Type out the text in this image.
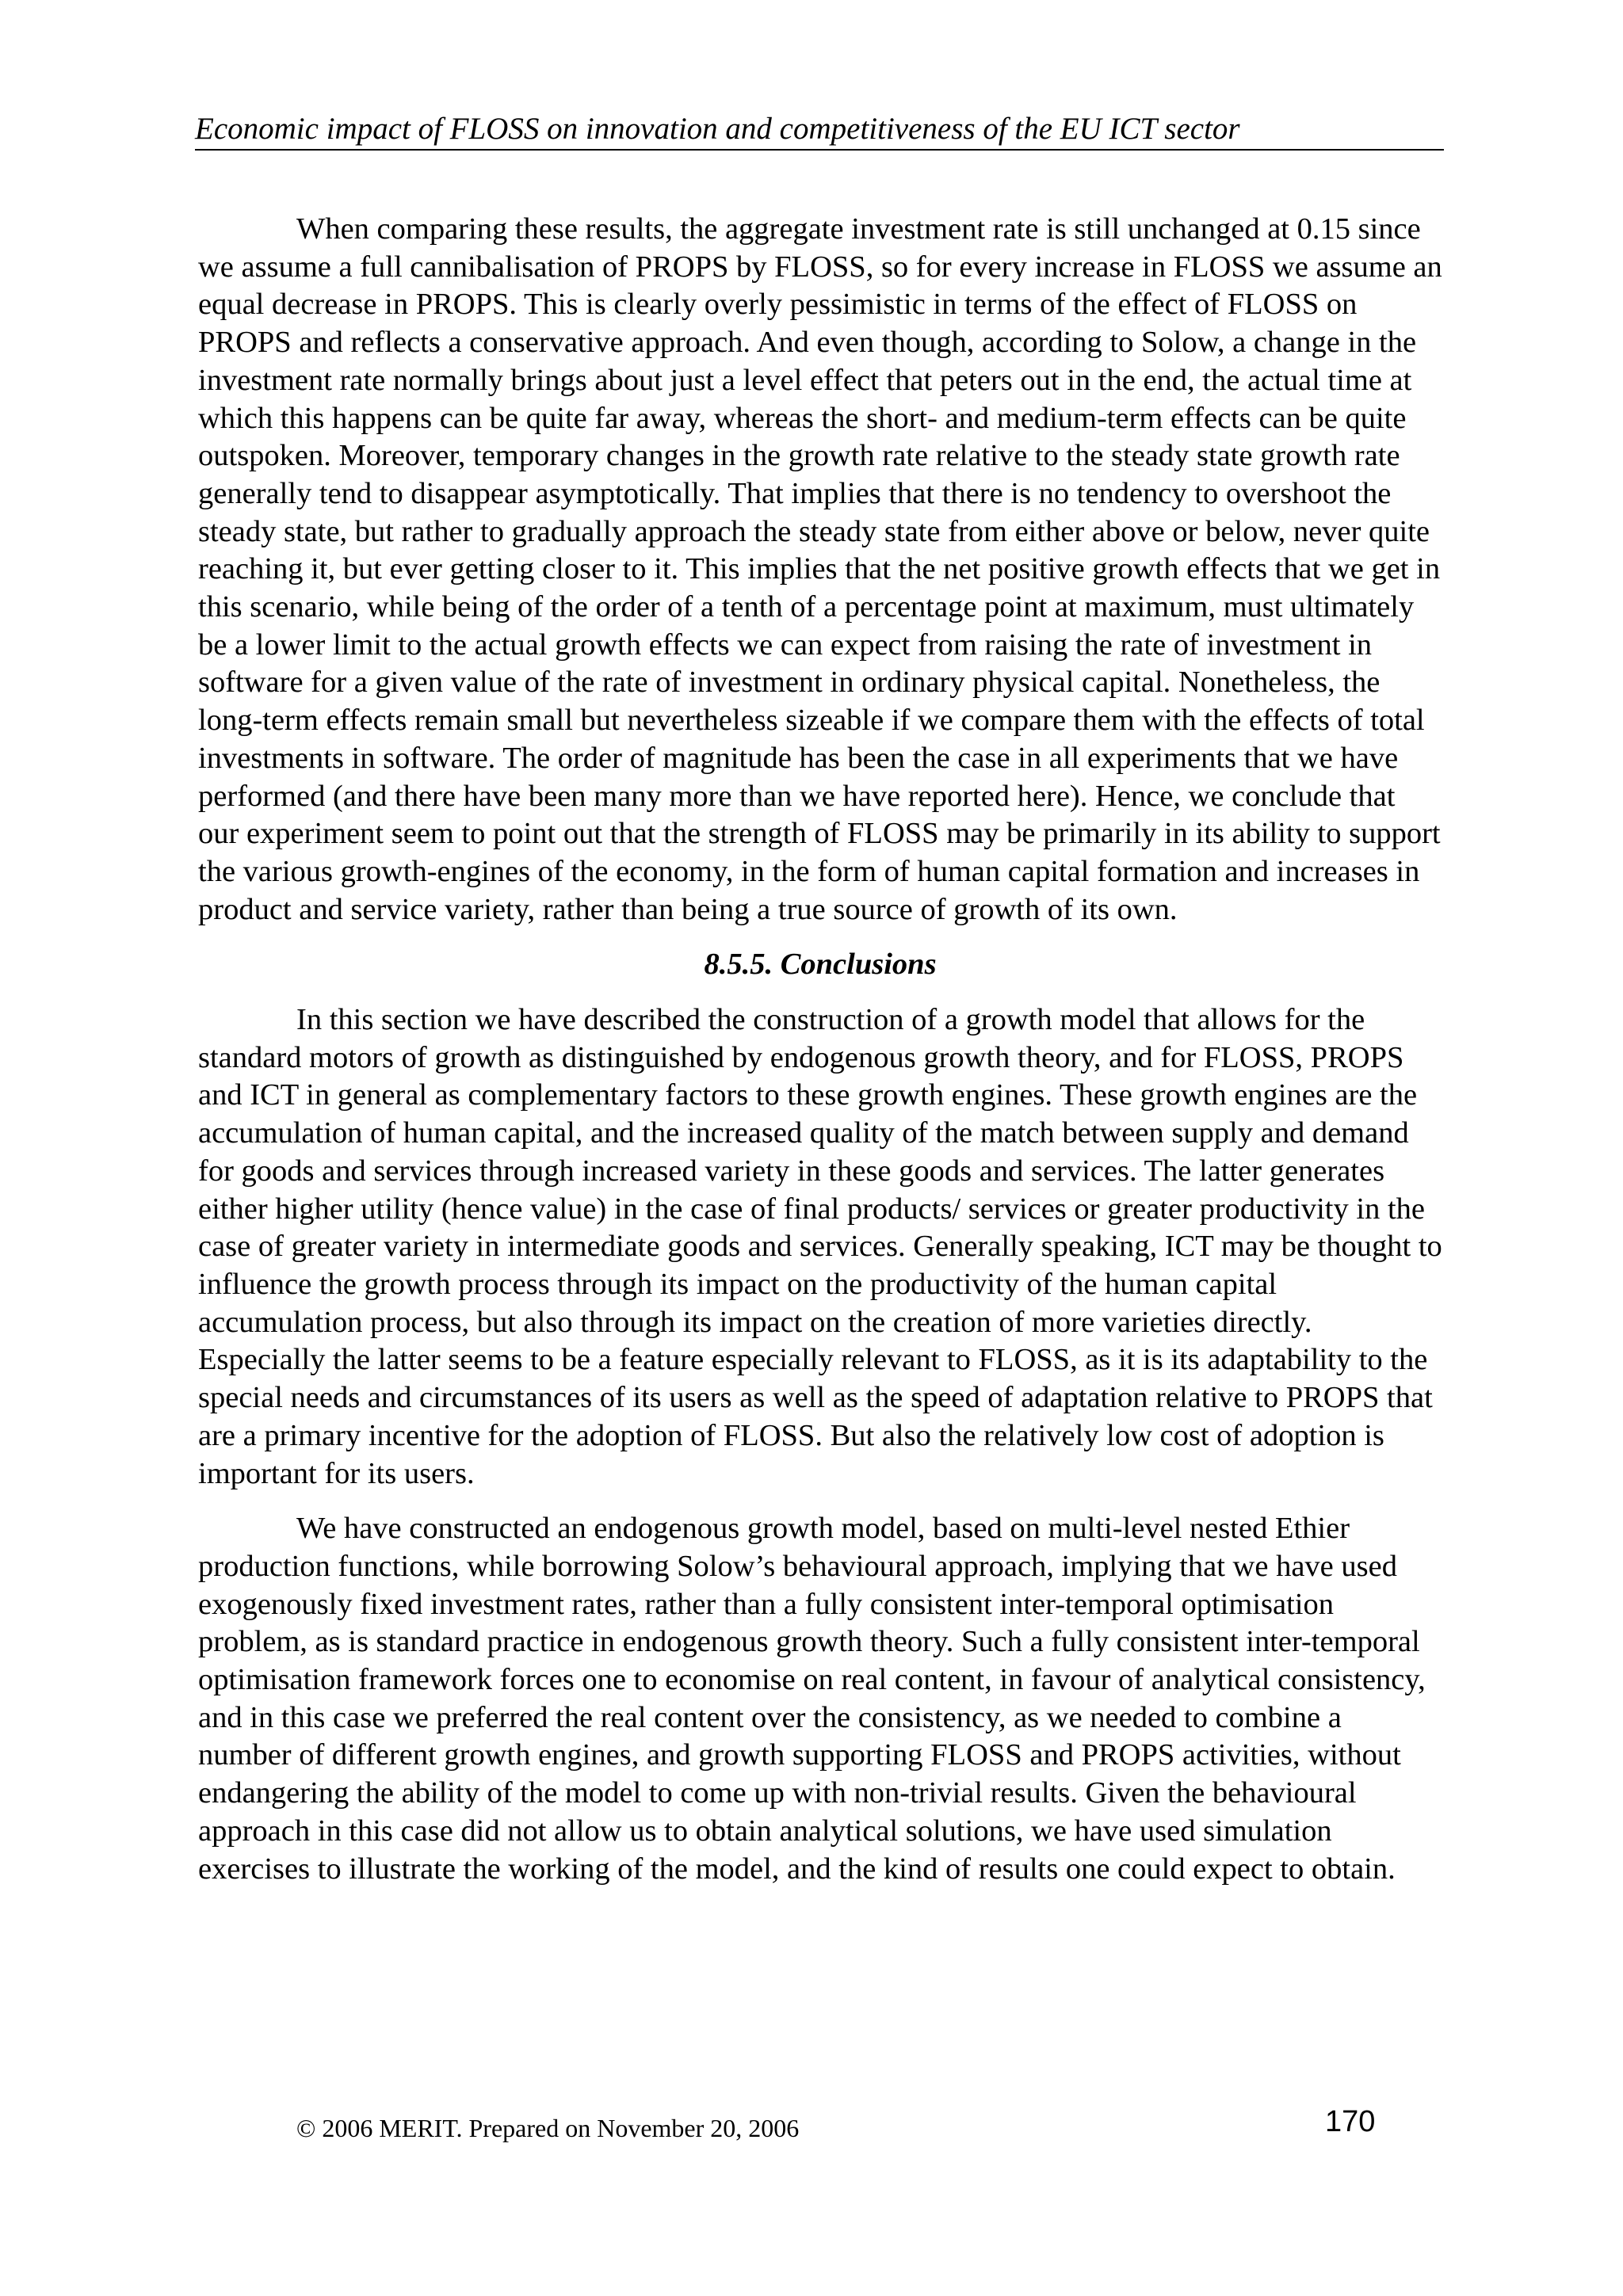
Economic impact of FLOSS on innovation and competitiveness of the EU ICT sector

When comparing these results, the aggregate investment rate is still unchanged at 0.15 since we assume a full cannibalisation of PROPS by FLOSS, so for every increase in FLOSS we assume an equal decrease in PROPS. This is clearly overly pessimistic in terms of the effect of FLOSS on PROPS and reflects a conservative approach. And even though, according to Solow, a change in the investment rate normally brings about just a level effect that peters out in the end, the actual time at which this happens can be quite far away, whereas the short- and medium-term effects can be quite outspoken. Moreover, temporary changes in the growth rate relative to the steady state growth rate generally tend to disappear asymptotically. That implies that there is no tendency to overshoot the steady state, but rather to gradually approach the steady state from either above or below, never quite reaching it, but ever getting closer to it. This implies that the net positive growth effects that we get in this scenario, while being of the order of a tenth of a percentage point at maximum, must ultimately be a lower limit to the actual growth effects we can expect from raising the rate of investment in software for a given value of the rate of investment in ordinary physical capital. Nonetheless, the long-term effects remain small but nevertheless sizeable if we compare them with the effects of total investments in software. The order of magnitude has been the case in all experiments that we have performed (and there have been many more than we have reported here). Hence, we conclude that our experiment seem to point out that the strength of FLOSS may be primarily in its ability to support the various growth-engines of the economy, in the form of human capital formation and increases in product and service variety, rather than being a true source of growth of its own.

8.5.5. Conclusions

In this section we have described the construction of a growth model that allows for the standard motors of growth as distinguished by endogenous growth theory, and for FLOSS, PROPS and ICT in general as complementary factors to these growth engines. These growth engines are the accumulation of human capital, and the increased quality of the match between supply and demand for goods and services through increased variety in these goods and services. The latter generates either higher utility (hence value) in the case of final products/ services or greater productivity in the case of greater variety in intermediate goods and services. Generally speaking, ICT may be thought to influence the growth process through its impact on the productivity of the human capital accumulation process, but also through its impact on the creation of more varieties directly. Especially the latter seems to be a feature especially relevant to FLOSS, as it is its adaptability to the special needs and circumstances of its users as well as the speed of adaptation relative to PROPS that are a primary incentive for the adoption of FLOSS. But also the relatively low cost of adoption is important for its users.

We have constructed an endogenous growth model, based on multi-level nested Ethier production functions, while borrowing Solow’s behavioural approach, implying that we have used exogenously fixed investment rates, rather than a fully consistent inter-temporal optimisation problem, as is standard practice in endogenous growth theory. Such a fully consistent inter-temporal optimisation framework forces one to economise on real content, in favour of analytical consistency, and in this case we preferred the real content over the consistency, as we needed to combine a number of different growth engines, and growth supporting FLOSS and PROPS activities, without endangering the ability of the model to come up with non-trivial results. Given the behavioural approach in this case did not allow us to obtain analytical solutions, we have used simulation exercises to illustrate the working of the model, and the kind of results one could expect to obtain.

© 2006 MERIT. Prepared on November 20, 2006	170
